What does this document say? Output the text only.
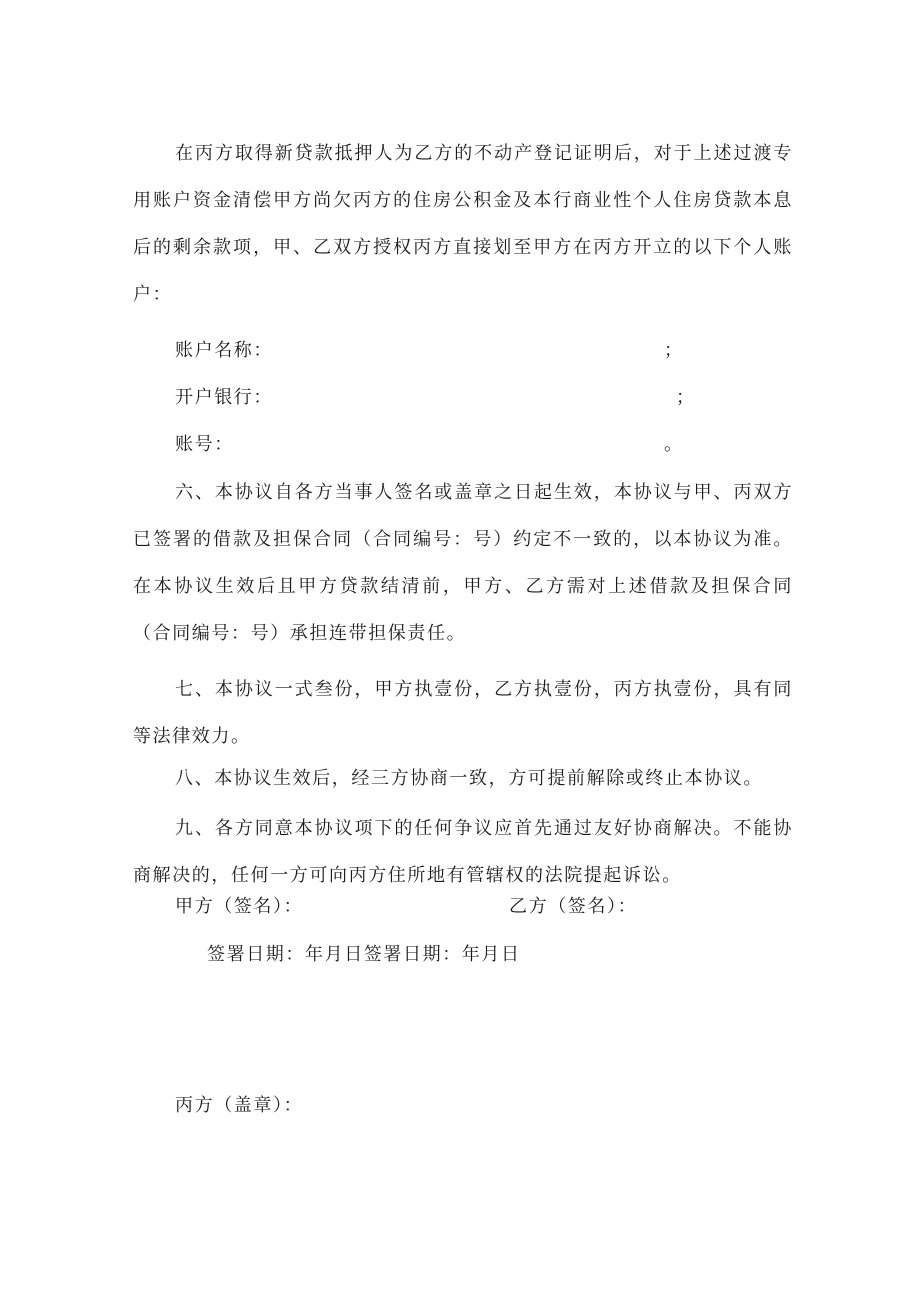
在丙方取得新贷款抵押人为乙方的不动产登记证明后，对于上述过渡专用账户资金清偿甲方尚欠丙方的住房公积金及本行商业性个人住房贷款本息后的剩余款项，甲、乙双方授权丙方直接划至甲方在丙方开立的以下个人账户：

账户名称：	；

开户银行：	；

账号：	。

六、本协议自各方当事人签名或盖章之日起生效，本协议与甲、丙双方已签署的借款及担保合同（合同编号：号）约定不一致的，以本协议为准。在本协议生效后且甲方贷款结清前，甲方、乙方需对上述借款及担保合同（合同编号：号）承担连带担保责任。

七、本协议一式叁份，甲方执壹份，乙方执壹份，丙方执壹份，具有同等法律效力。

八、本协议生效后，经三方协商一致，方可提前解除或终止本协议。

九、各方同意本协议项下的任何争议应首先通过友好协商解决。不能协商解决的，任何一方可向丙方住所地有管辖权的法院提起诉讼。

甲方（签名）：	乙方（签名）：

签署日期：年月日签署日期：年月日

丙方（盖章）：
